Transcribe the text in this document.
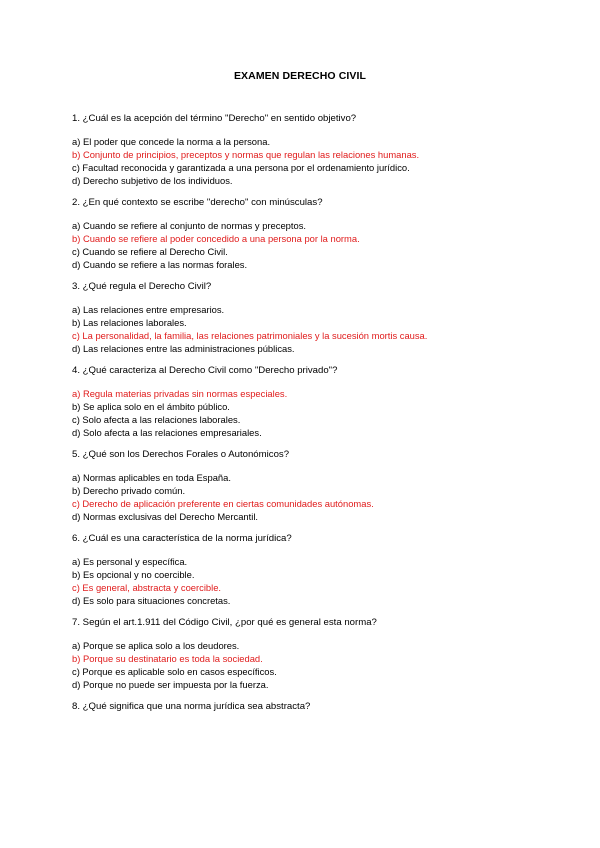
EXAMEN DERECHO CIVIL
1. ¿Cuál es la acepción del término "Derecho" en sentido objetivo?
a) El poder que concede la norma a la persona.
b) Conjunto de principios, preceptos y normas que regulan las relaciones humanas.
c) Facultad reconocida y garantizada a una persona por el ordenamiento jurídico.
d) Derecho subjetivo de los individuos.
2. ¿En qué contexto se escribe "derecho" con minúsculas?
a) Cuando se refiere al conjunto de normas y preceptos.
b) Cuando se refiere al poder concedido a una persona por la norma.
c) Cuando se refiere al Derecho Civil.
d) Cuando se refiere a las normas forales.
3. ¿Qué regula el Derecho Civil?
a) Las relaciones entre empresarios.
b) Las relaciones laborales.
c) La personalidad, la familia, las relaciones patrimoniales y la sucesión mortis causa.
d) Las relaciones entre las administraciones públicas.
4. ¿Qué caracteriza al Derecho Civil como "Derecho privado"?
a) Regula materias privadas sin normas especiales.
b) Se aplica solo en el ámbito público.
c) Solo afecta a las relaciones laborales.
d) Solo afecta a las relaciones empresariales.
5. ¿Qué son los Derechos Forales o Autonómicos?
a) Normas aplicables en toda España.
b) Derecho privado común.
c) Derecho de aplicación preferente en ciertas comunidades autónomas.
d) Normas exclusivas del Derecho Mercantil.
6. ¿Cuál es una característica de la norma jurídica?
a) Es personal y específica.
b) Es opcional y no coercible.
c) Es general, abstracta y coercible.
d) Es solo para situaciones concretas.
7. Según el art.1.911 del Código Civil, ¿por qué es general esta norma?
a) Porque se aplica solo a los deudores.
b) Porque su destinatario es toda la sociedad.
c) Porque es aplicable solo en casos específicos.
d) Porque no puede ser impuesta por la fuerza.
8. ¿Qué significa que una norma jurídica sea abstracta?
